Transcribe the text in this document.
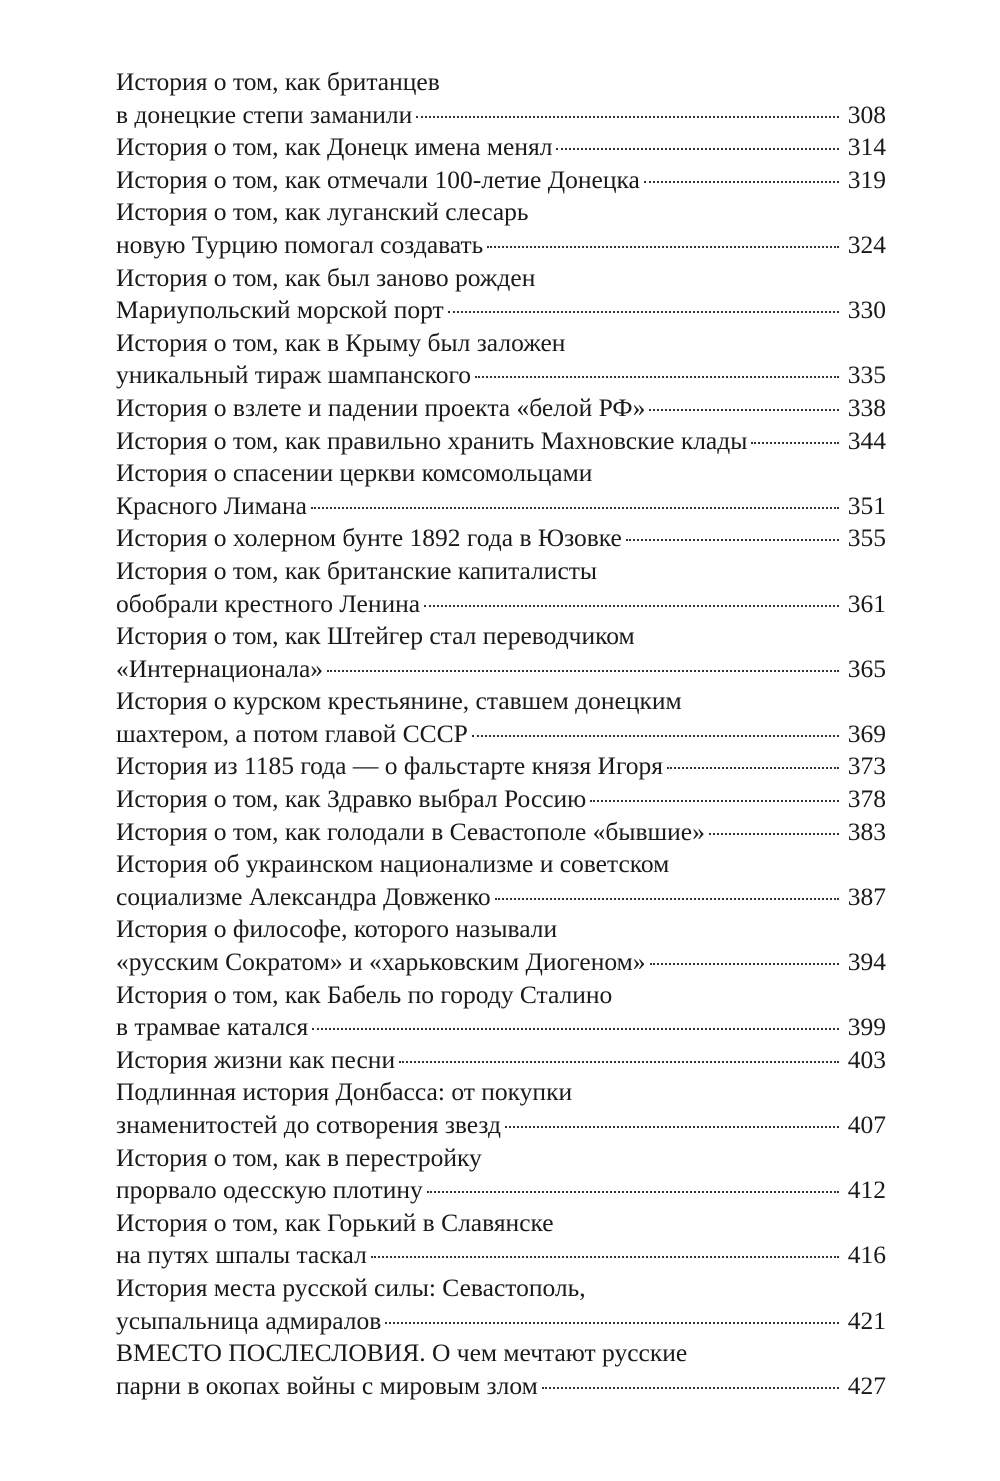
История о том, как британцев
в донецкие степи заманили	308
История о том, как Донецк имена менял	314
История о том, как отмечали 100-летие Донецка	319
История о том, как луганский слесарь
новую Турцию помогал создавать	324
История о том, как был заново рожден
Мариупольский морской порт	330
История о том, как в Крыму был заложен
уникальный тираж шампанского	335
История о взлете и падении проекта «белой РФ»	338
История о том, как правильно хранить Махновские клады	344
История о спасении церкви комсомольцами
Красного Лимана	351
История о холерном бунте 1892 года в Юзовке	355
История о том, как британские капиталисты
обобрали крестного Ленина	361
История о том, как Штейгер стал переводчиком
«Интернационала»	365
История о курском крестьянине, ставшем донецким
шахтером, а потом главой СССР	369
История из 1185 года — о фальстарте князя Игоря	373
История о том, как Здравко выбрал Россию	378
История о том, как голодали в Севастополе «бывшие»	383
История об украинском национализме и советском
социализме Александра Довженко	387
История о философе, которого называли
«русским Сократом» и «харьковским Диогеном»	394
История о том, как Бабель по городу Сталино
в трамвае катался	399
История жизни как песни	403
Подлинная история Донбасса: от покупки
знаменитостей до сотворения звезд	407
История о том, как в перестройку
прорвало одесскую плотину	412
История о том, как Горький в Славянске
на путях шпалы таскал	416
История места русской силы: Севастополь,
усыпальница адмиралов	421
ВМЕСТО ПОСЛЕСЛОВИЯ. О чем мечтают русские
парни в окопах войны с мировым злом	427
